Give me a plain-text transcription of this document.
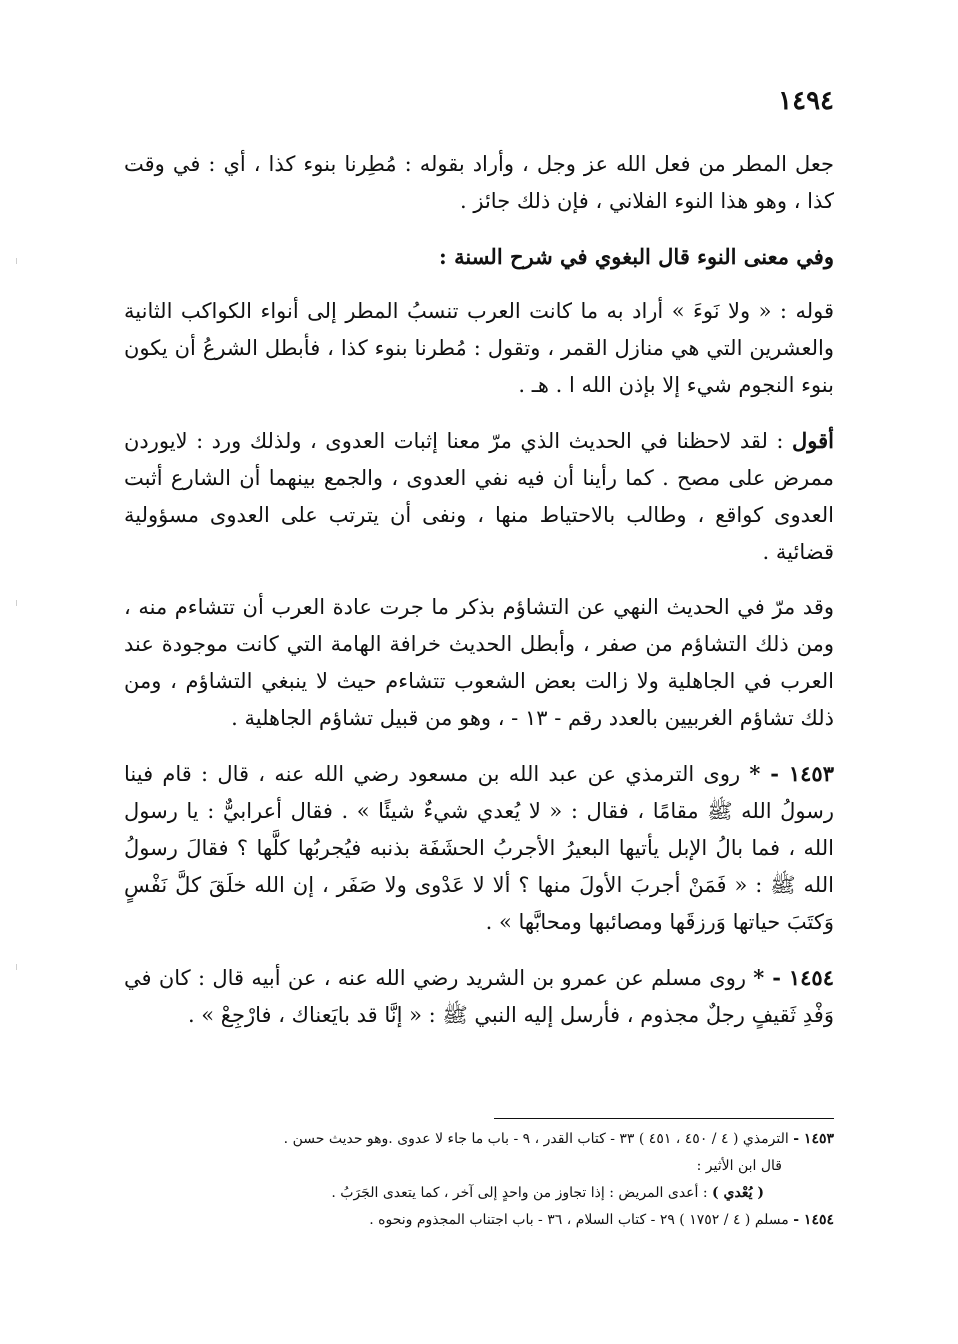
١٤٩٤

جعل المطر من فعل الله عز وجل ، وأراد بقوله : مُطِرنا بنوء كذا ، أي : في وقت كذا ، وهو هذا النوء الفلاني ، فإن ذلك جائز .

وفي معنى النوء قال البغوي في شرح السنة :

قوله : « ولا نَوءَ » أراد به ما كانت العرب تنسبُ المطر إلى أنواء الكواكب الثانية والعشرين التي هي منازل القمر ، وتقول : مُطرنا بنوء كذا ، فأبطل الشرعُ أن يكون بنوء النجوم شيء إلا بإذن الله ا . هـ .

أقول : لقد لاحظنا في الحديث الذي مرّ معنا إثبات العدوى ، ولذلك ورد : لايوردن ممرض على مصح . كما رأينا أن فيه نفي العدوى ، والجمع بينهما أن الشارع أثبت العدوى كواقع ، وطالب بالاحتياط منها ، ونفى أن يترتب على العدوى مسؤولية قضائية .

وقد مرّ في الحديث النهي عن التشاؤم بذكر ما جرت عادة العرب أن تتشاءم منه ، ومن ذلك التشاؤم من صفر ، وأبطل الحديث خرافة الهامة التي كانت موجودة عند العرب في الجاهلية ولا زالت بعض الشعوب تتشاءم حيث لا ينبغي التشاؤم ، ومن ذلك تشاؤم الغربيين بالعدد رقم - ١٣ - ، وهو من قبيل تشاؤم الجاهلية .

١٤٥٣ - * روى الترمذي عن عبد الله بن مسعود رضي الله عنه ، قال : قام فينا رسولُ الله ﷺ مقامًا ، فقال : « لا يُعدي شيءٌ شيئًا » . فقال أعرابيٌّ : يا رسول الله ، فما بالُ الإبل يأتيها البعيرُ الأجربُ الحشَفَة بذنبه فيُجربُها كلَّها ؟ فقالَ رسولُ الله ﷺ : « فَمَنْ أجربَ الأولَ منها ؟ ألا لا عَدْوى ولا صَفَر ، إن الله خلَقَ كلَّ نَفْسٍ وَكتَبَ حياتها وَرزقَها ومصائبها ومحابَّها » .

١٤٥٤ - * روى مسلم عن عمرو بن الشريد رضي الله عنه ، عن أبيه قال : كان في وَفْدِ ثَقيفٍ رجلٌ مجذوم ، فأرسل إليه النبي ﷺ : « إنَّا قد بايَعناك ، فارْجِعْ » .

١٤٥٣ - الترمذي ( ٤ / ٤٥٠ ، ٤٥١ ) ٣٣ - كتاب القدر ، ٩ - باب ما جاء لا عدوى .وهو حديث حسن .

قال ابن الأثير :

( يُعْدي ) : أعدى المريض : إذا تجاوز من واحدٍ إلى آخر ، كما يتعدى الجَرَبُ .

١٤٥٤ - مسلم ( ٤ / ١٧٥٢ ) ٢٩ - كتاب السلام ، ٣٦ - باب اجتناب المجذوم ونحوه .
